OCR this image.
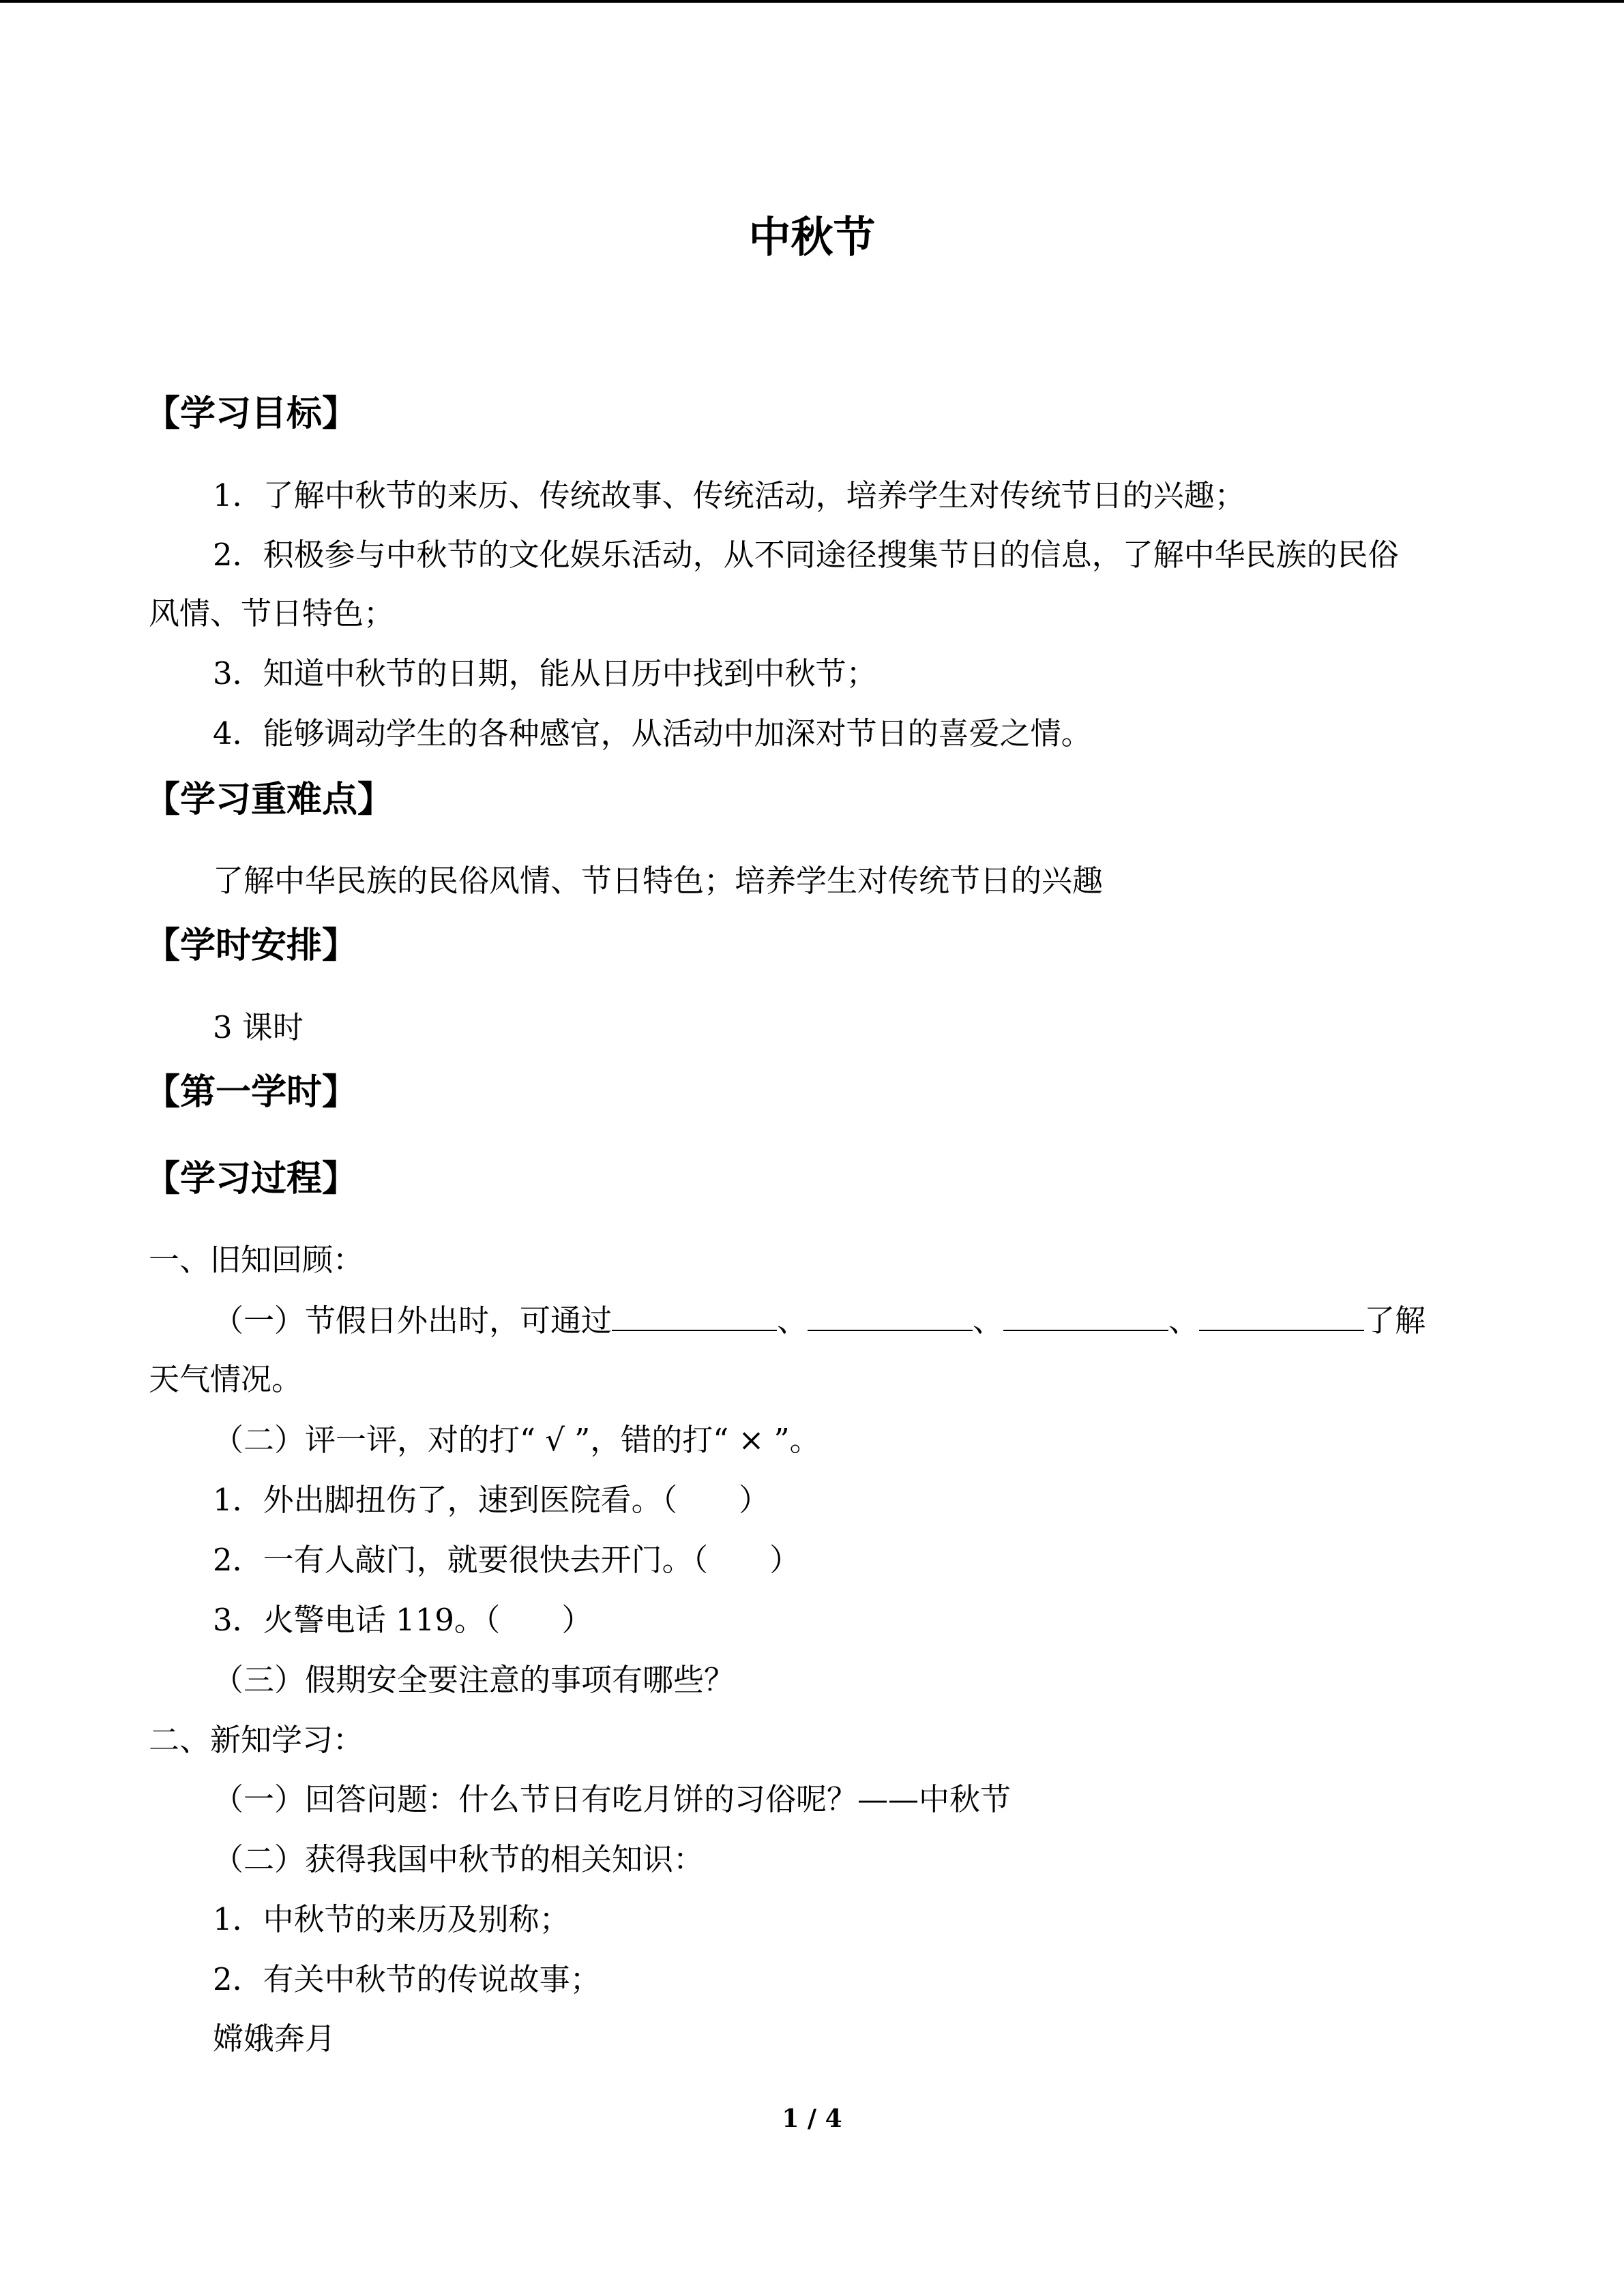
中秋节
【学习目标】
1．了解中秋节的来历、传统故事、传统活动，培养学生对传统节日的兴趣；
2．积极参与中秋节的文化娱乐活动，从不同途径搜集节日的信息，了解中华民族的民俗
风情、节日特色；
3．知道中秋节的日期，能从日历中找到中秋节；
4．能够调动学生的各种感官，从活动中加深对节日的喜爱之情。
【学习重难点】
了解中华民族的民俗风情、节日特色；培养学生对传统节日的兴趣
【学时安排】
3 课时
【第一学时】
【学习过程】
一、旧知回顾：
（一）节假日外出时，可通过	、	、	、	了解
天气情况。
（二）评一评，对的打“ √ ”，错的打“ × ”。
1．外出脚扭伤了，速到医院看。（　　）
2．一有人敲门，就要很快去开门。（　　）
3．火警电话 119。（　　）
（三）假期安全要注意的事项有哪些？
二、新知学习：
（一）回答问题：什么节日有吃月饼的习俗呢？——中秋节
（二）获得我国中秋节的相关知识：
1．中秋节的来历及别称；
2．有关中秋节的传说故事；
嫦娥奔月
1 / 4
